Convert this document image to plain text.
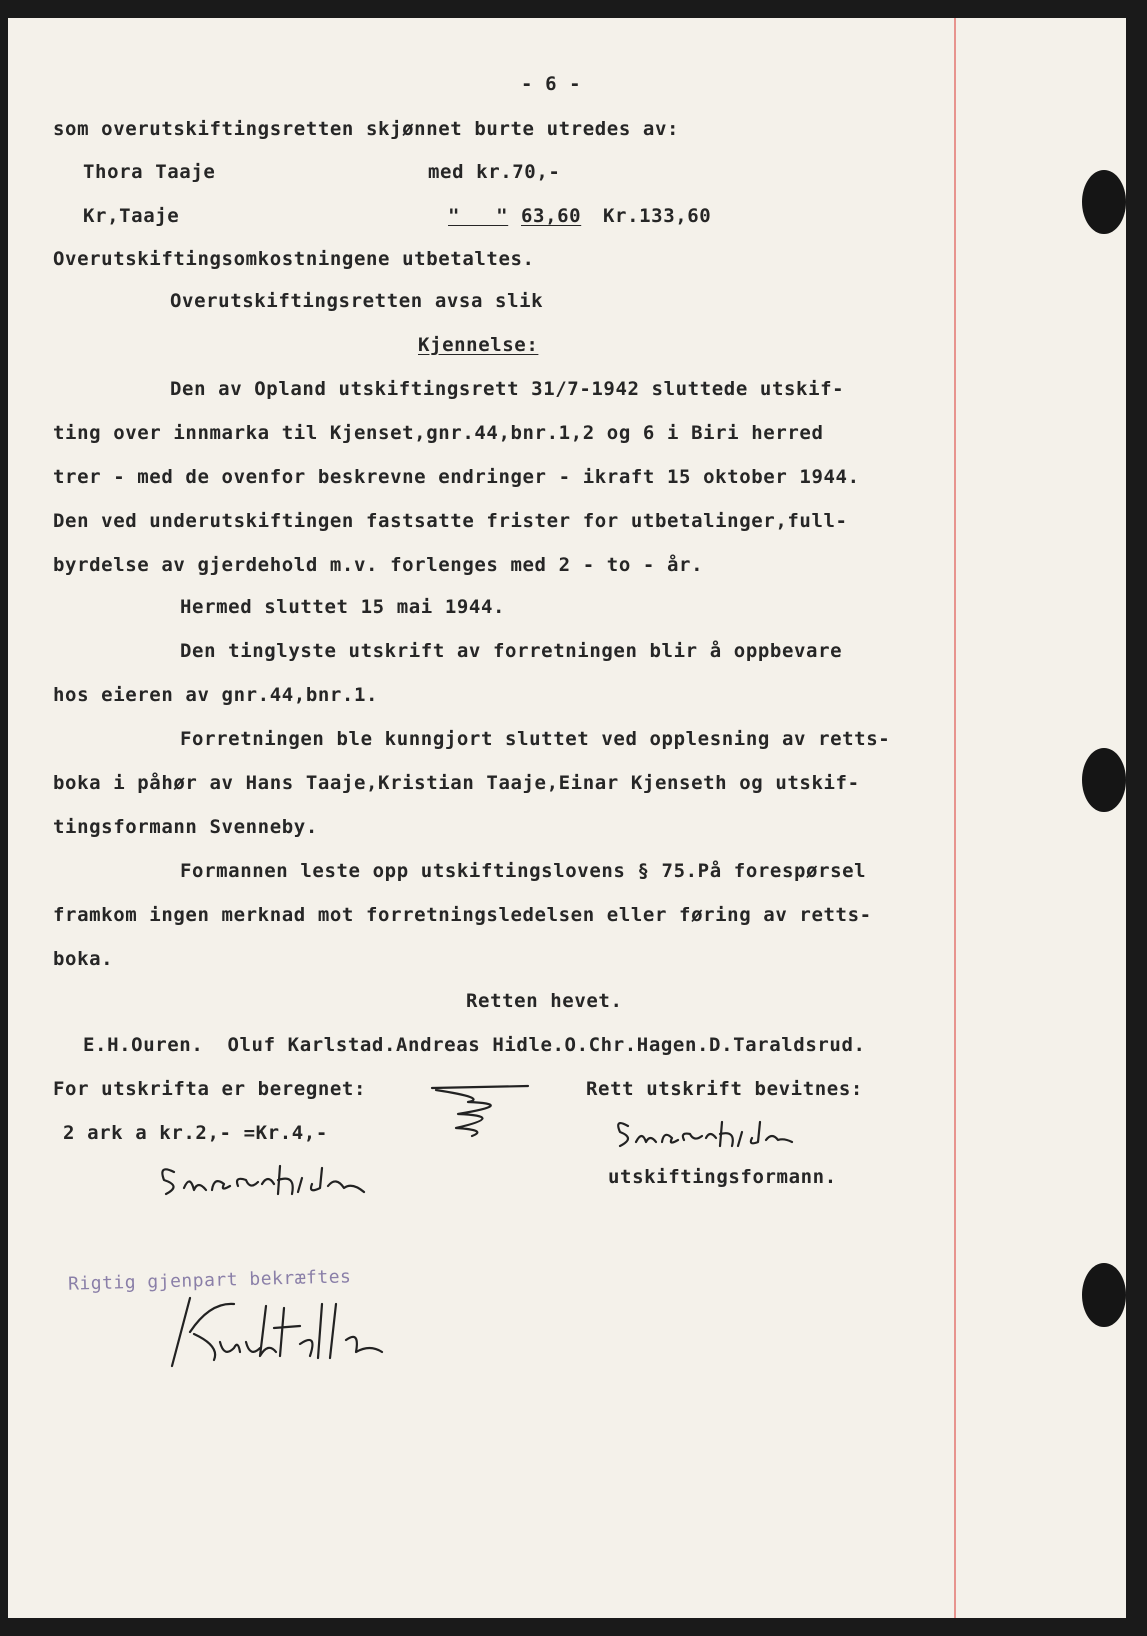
- 6 -
som overutskiftingsretten skjønnet burte utredes av:
Thora Taaje	med kr.70,-
Kr,Taaje	"   " 63,60 Kr.133,60
Overutskiftingsomkostningene utbetaltes.
Overutskiftingsretten avsa slik
Kjennelse:
Den av Opland utskiftingsrett 31/7-1942 sluttede utskif-
ting over innmarka til Kjenset,gnr.44,bnr.1,2 og 6 i Biri herred
trer - med de ovenfor beskrevne endringer - ikraft 15 oktober 1944.
Den ved underutskiftingen fastsatte frister for utbetalinger,full-
byrdelse av gjerdehold m.v. forlenges med 2 - to - år.
Hermed sluttet 15 mai 1944.
Den tinglyste utskrift av forretningen blir å oppbevare
hos eieren av gnr.44,bnr.1.
Forretningen ble kunngjort sluttet ved opplesning av retts-
boka i påhør av Hans Taaje,Kristian Taaje,Einar Kjenseth og utskif-
tingsformann Svenneby.
Formannen leste opp utskiftingslovens § 75.På forespørsel
framkom ingen merknad mot forretningsledelsen eller føring av retts-
boka.
Retten hevet.
E.H.Ouren.  Oluf Karlstad.Andreas Hidle.O.Chr.Hagen.D.Taraldsrud.
For utskrifta er beregnet:	Rett utskrift bevitnes:
2 ark a kr.2,- =Kr.4,-
utskiftingsformann.
Rigtig gjenpart bekræftes
